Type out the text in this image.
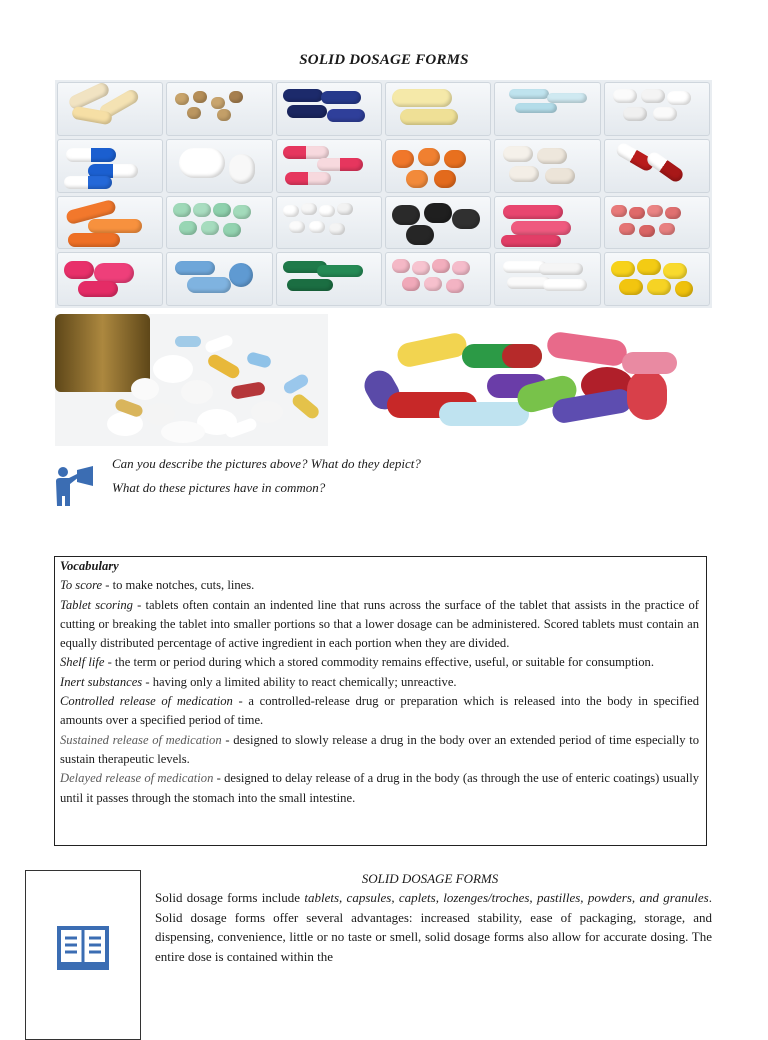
SOLID DOSAGE FORMS
Can you describe the pictures above? What do they depict?
What do these pictures have in common?

Vocabulary

To score - to make notches, cuts, lines.

Tablet scoring - tablets often contain an indented line that runs across the surface of the tablet that assists in the practice of cutting or breaking the tablet into smaller portions so that a lower dosage can be administered. Scored tablets must contain an equally distributed percentage of active ingredient in each portion when they are divided.

Shelf life - the term or period during which a stored commodity remains effective, useful, or suitable for consumption.

Inert substances - having only a limited ability to react chemically; unreactive.

Controlled release of medication - a controlled-release drug or preparation which is released into the body in specified amounts over a specified period of time.

Sustained release of medication - designed to slowly release a drug in the body over an extended period of time especially to sustain therapeutic levels.

Delayed release of medication - designed to delay release of a drug in the body (as through the use of enteric coatings) usually until it passes through the stomach into the small intestine.

SOLID DOSAGE FORMS
Solid dosage forms include tablets, capsules, caplets, lozenges/troches, pastilles, powders, and granules. Solid dosage forms offer several advantages: increased stability, ease of packaging, storage, and dispensing, convenience, little or no taste or smell, solid dosage forms also allow for accurate dosing. The entire dose is contained within the
